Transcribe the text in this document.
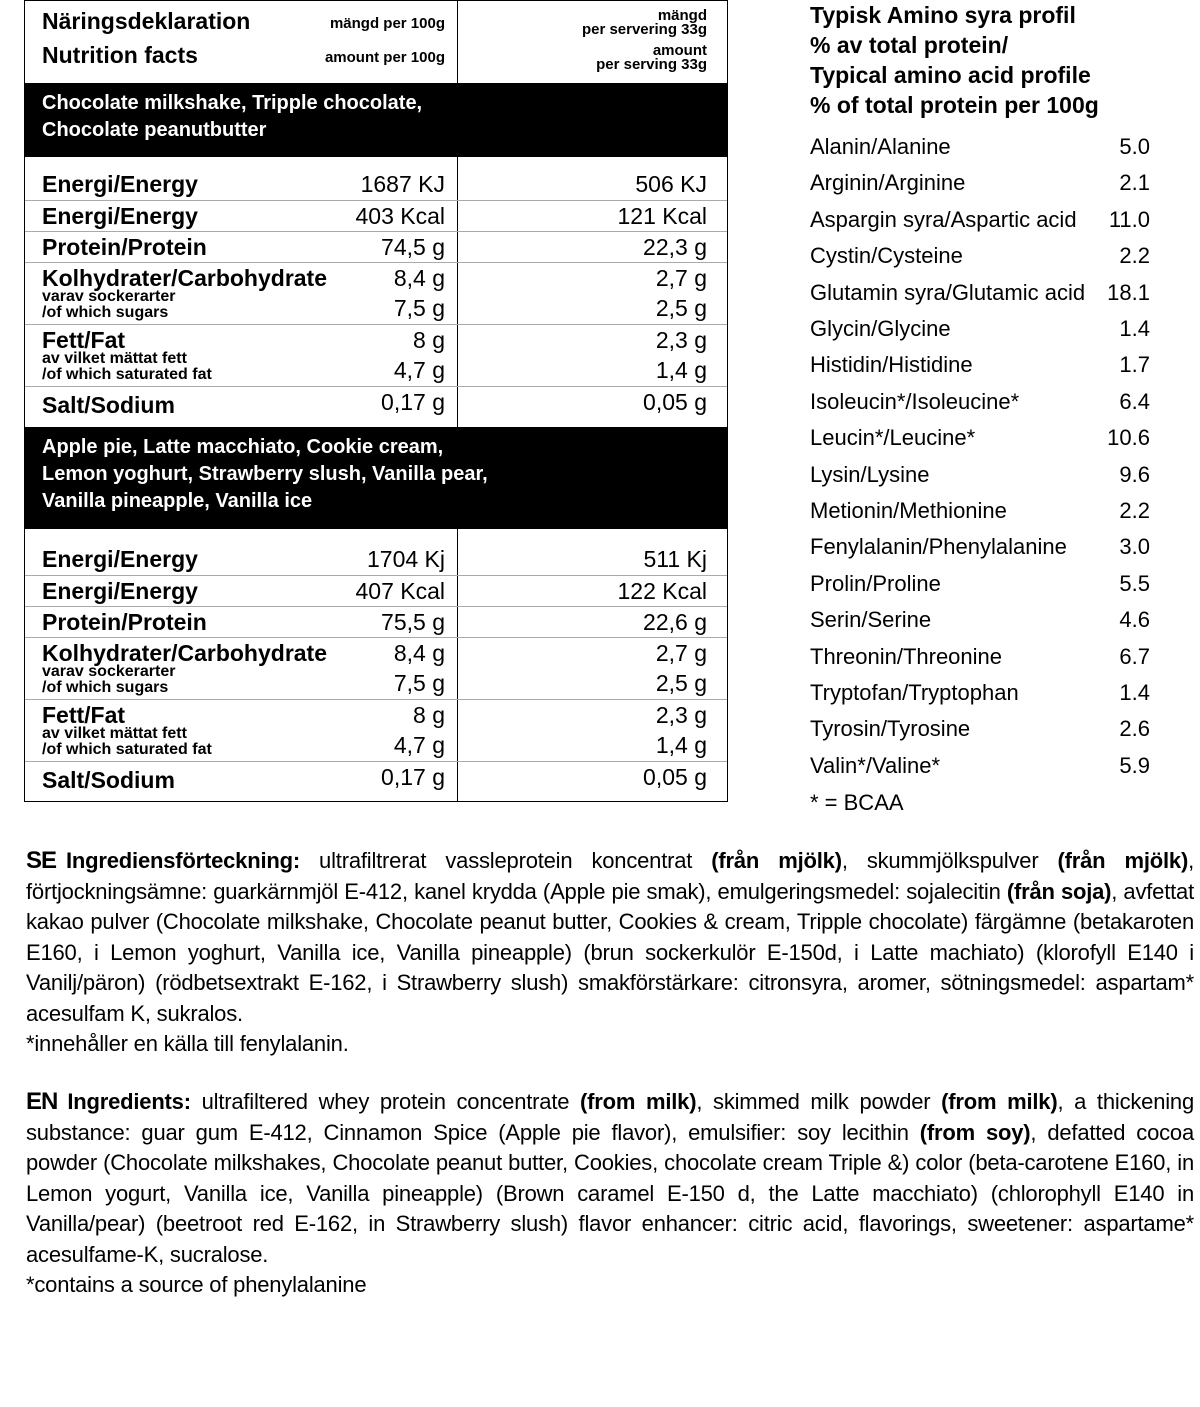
Näringsdeklaration
Nutrition facts
mängd per 100g
amount per 100g
mängd
per servering 33g
amount
per serving 33g
Chocolate milkshake, Tripple chocolate,
Chocolate peanutbutter
Energi/Energy	1687 KJ	506 KJ
Energi/Energy	403 Kcal	121 Kcal
Protein/Protein	74,5 g	22,3 g
Kolhydrater/Carbohydrate	8,4 g	2,7 g
varav sockerarter
/of which sugars	7,5 g	2,5 g
Fett/Fat	8 g	2,3 g
av vilket mättat fett
/of which saturated fat	4,7 g	1,4 g
Salt/Sodium	0,17 g	0,05 g
Apple pie, Latte macchiato, Cookie cream,
Lemon yoghurt, Strawberry slush, Vanilla pear,
Vanilla pineapple, Vanilla ice
Energi/Energy	1704 Kj	511 Kj
Energi/Energy	407 Kcal	122 Kcal
Protein/Protein	75,5 g	22,6 g
Kolhydrater/Carbohydrate	8,4 g	2,7 g
varav sockerarter
/of which sugars	7,5 g	2,5 g
Fett/Fat	8 g	2,3 g
av vilket mättat fett
/of which saturated fat	4,7 g	1,4 g
Salt/Sodium	0,17 g	0,05 g
Typisk Amino syra profil
% av total protein/
Typical amino acid profile
% of total protein per 100g
Alanin/Alanine	5.0
Arginin/Arginine	2.1
Aspargin syra/Aspartic acid 11.0
Cystin/Cysteine	2.2
Glutamin syra/Glutamic acid 18.1
Glycin/Glycine	1.4
Histidin/Histidine	1.7
Isoleucin*/Isoleucine*	6.4
Leucin*/Leucine*	10.6
Lysin/Lysine	9.6
Metionin/Methionine	2.2
Fenylalanin/Phenylalanine 3.0
Prolin/Proline	5.5
Serin/Serine	4.6
Threonin/Threonine	6.7
Tryptofan/Tryptophan	1.4
Tyrosin/Tyrosine	2.6
Valin*/Valine*	5.9
* = BCAA
SE Ingrediensförteckning: ultrafiltrerat vassleprotein koncentrat (från mjölk), skummjölkspulver (från mjölk), förtjockningsämne: guarkärnmjöl E-412, kanel krydda (Apple pie smak), emulgeringsmedel: sojalecitin (från soja), avfettat kakao pulver (Chocolate milkshake, Chocolate peanut butter, Cookies & cream, Tripple chocolate) färgämne (betakaroten E160, i Lemon yoghurt, Vanilla ice, Vanilla pineapple) (brun sockerkulör E-150d, i Latte machiato) (klorofyll E140 i Vanilj/päron) (rödbetsextrakt E-162, i Strawberry slush) smakförstärkare: citronsyra, aromer, sötningsmedel: aspartam* acesulfam K, sukralos.
*innehåller en källa till fenylalanin.
EN Ingredients: ultrafiltered whey protein concentrate (from milk), skimmed milk powder (from milk), a thickening substance: guar gum E-412, Cinnamon Spice (Apple pie flavor), emulsifier: soy lecithin (from soy), defatted cocoa powder (Chocolate milkshakes, Chocolate peanut butter, Cookies, chocolate cream Triple &) color (beta-carotene E160, in Lemon yogurt, Vanilla ice, Vanilla pineapple) (Brown caramel E-150 d, the Latte macchiato) (chlorophyll E140 in Vanilla/pear) (beetroot red E-162, in Strawberry slush) flavor enhancer: citric acid, flavorings, sweetener: aspartame* acesulfame-K, sucralose.
*contains a source of phenylalanine
